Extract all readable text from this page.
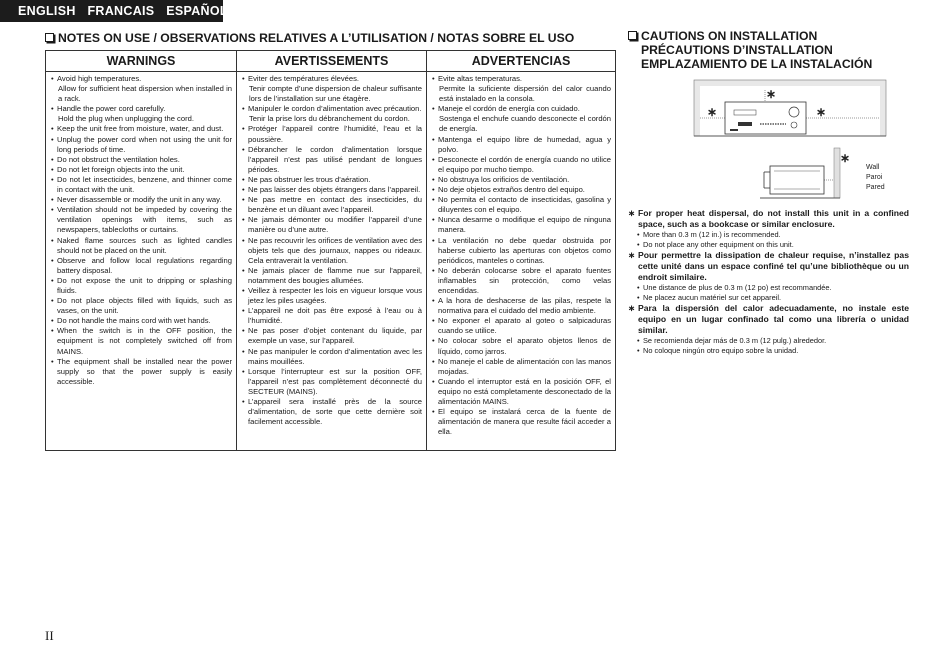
ENGLISH FRANCAIS ESPAÑOL
NOTES ON USE / OBSERVATIONS RELATIVES A L’UTILISATION / NOTAS SOBRE EL USO
WARNINGS

• Avoid high temperatures.

Allow for sufficient heat dispersion when installed in a rack.

• Handle the power cord carefully.

Hold the plug when unplugging the cord.

• Keep the unit free from moisture, water, and dust.

• Unplug the power cord when not using the unit for long periods of time.

• Do not obstruct the ventilation holes.

• Do not let foreign objects into the unit.

• Do not let insecticides, benzene, and thinner come in contact with the unit.

• Never disassemble or modify the unit in any way.

• Ventilation should not be impeded by covering the ventilation openings with items, such as newspapers, tablecloths or curtains.

• Naked flame sources such as lighted candles should not be placed on the unit.

• Observe and follow local regulations regarding battery disposal.

• Do not expose the unit to dripping or splashing fluids.

• Do not place objects filled with liquids, such as vases, on the unit.

• Do not handle the mains cord with wet hands.

• When the switch is in the OFF position, the equipment is not completely switched off from MAINS.

• The equipment shall be installed near the power supply so that the power supply is easily accessible.

AVERTISSEMENTS

• Eviter des températures élevées.

Tenir compte d’une dispersion de chaleur suffisante lors de l’installation sur une étagère.

• Manipuler le cordon d’alimentation avec précaution.

Tenir la prise lors du débranchement du cordon.

• Protéger l’appareil contre l’humidité, l’eau et la poussière.

• Débrancher le cordon d’alimentation lorsque l’appareil n’est pas utilisé pendant de longues périodes.

• Ne pas obstruer les trous d’aération.

• Ne pas laisser des objets étrangers dans l’appareil.

• Ne pas mettre en contact des insecticides, du benzène et un diluant avec l’appareil.

• Ne jamais démonter ou modifier l’appareil d’une manière ou d’une autre.

• Ne pas recouvrir les orifices de ventilation avec des objets tels que des journaux, nappes ou rideaux. Cela entraverait la ventilation.

• Ne jamais placer de flamme nue sur l’appareil, notamment des bougies allumées.

• Veillez à respecter les lois en vigueur lorsque vous jetez les piles usagées.

• L’appareil ne doit pas être exposé à l’eau ou à l’humidité.

• Ne pas poser d’objet contenant du liquide, par exemple un vase, sur l’appareil.

• Ne pas manipuler le cordon d’alimentation avec les mains mouillées.

• Lorsque l’interrupteur est sur la position OFF, l’appareil n’est pas complètement déconnecté du SECTEUR (MAINS).

• L’appareil sera installé près de la source d’alimentation, de sorte que cette dernière soit facilement accessible.

ADVERTENCIAS

• Evite altas temperaturas.

Permite la suficiente dispersión del calor cuando está instalado en la consola.

• Maneje el cordón de energía con cuidado.

Sostenga el enchufe cuando desconecte el cordón de energía.

• Mantenga el equipo libre de humedad, agua y polvo.

• Desconecte el cordón de energía cuando no utilice el equipo por mucho tiempo.

• No obstruya los orificios de ventilación.

• No deje objetos extraños dentro del equipo.

• No permita el contacto de insecticidas, gasolina y diluyentes con el equipo.

• Nunca desarme o modifique el equipo de ninguna manera.

• La ventilación no debe quedar obstruida por haberse cubierto las aperturas con objetos como periódicos, manteles o cortinas.

• No deberán colocarse sobre el aparato fuentes inflamables sin protección, como velas encendidas.

• A la hora de deshacerse de las pilas, respete la normativa para el cuidado del medio ambiente.

• No exponer el aparato al goteo o salpicaduras cuando se utilice.

• No colocar sobre el aparato objetos llenos de líquido, como jarros.

• No maneje el cable de alimentación con las manos mojadas.

• Cuando el interruptor está en la posición OFF, el equipo no está completamente desconectado de la alimentación MAINS.

• El equipo se instalará cerca de la fuente de alimentación de manera que resulte fácil acceder a ella.

CAUTIONS ON INSTALLATION
PRÉCAUTIONS D’INSTALLATION
EMPLAZAMIENTO DE LA INSTALACIÓN
∗
∗	∗
∗
Wall
Paroi
Pared
∗ For proper heat dispersal, do not install this unit in a confined space, such as a bookcase or similar enclosure.
• More than 0.3 m (12 in.) is recommended.
• Do not place any other equipment on this unit.
∗ Pour permettre la dissipation de chaleur requise, n’installez pas cette unité dans un espace confiné tel qu’une bibliothèque ou un endroit similaire.
• Une distance de plus de 0.3 m (12 po) est recommandée.
• Ne placez aucun matériel sur cet appareil.
∗ Para la dispersión del calor adecuadamente, no instale este equipo en un lugar confinado tal como una librería o unidad similar.
• Se recomienda dejar más de 0.3 m (12 pulg.) alrededor.
• No coloque ningún otro equipo sobre la unidad.
II
